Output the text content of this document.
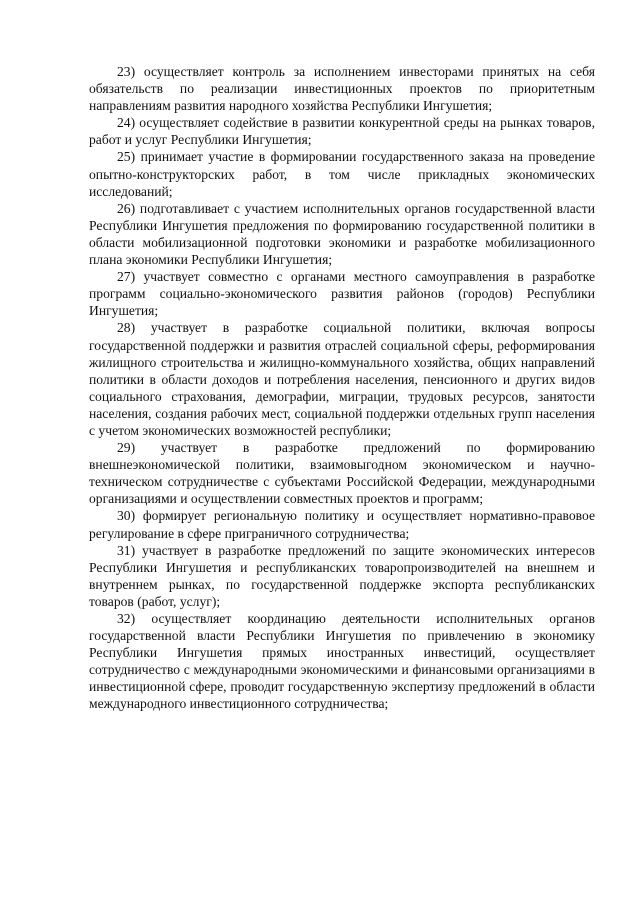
23) осуществляет контроль за исполнением инвесторами принятых на себя обязательств по реализации инвестиционных проектов по приоритетным направлениям развития народного хозяйства Республики Ингушетия;

24) осуществляет содействие в развитии конкурентной среды на рынках товаров, работ и услуг Республики Ингушетия;

25) принимает участие в формировании государственного заказа на проведение опытно-конструкторских работ, в том числе прикладных экономических исследований;

26) подготавливает с участием исполнительных органов государственной власти Республики Ингушетия предложения по формированию государственной политики в области мобилизационной подготовки экономики и разработке мобилизационного плана экономики Республики Ингушетия;

27) участвует совместно с органами местного самоуправления в разработке программ социально-экономического развития районов (городов) Республики Ингушетия;

28) участвует в разработке социальной политики, включая вопросы государственной поддержки и развития отраслей социальной сферы, реформирования жилищного строительства и жилищно-коммунального хозяйства, общих направлений политики в области доходов и потребления населения, пенсионного и других видов социального страхования, демографии, миграции, трудовых ресурсов, занятости населения, создания рабочих мест, социальной поддержки отдельных групп населения с учетом экономических возможностей республики;

29) участвует в разработке предложений по формированию внешнеэкономической политики, взаимовыгодном экономическом и научно-техническом сотрудничестве с субъектами Российской Федерации, международными организациями и осуществлении совместных проектов и программ;

30) формирует региональную политику и осуществляет нормативно-правовое регулирование в сфере приграничного сотрудничества;

31) участвует в разработке предложений по защите экономических интересов Республики Ингушетия и республиканских товаропроизводителей на внешнем и внутреннем рынках, по государственной поддержке экспорта республиканских товаров (работ, услуг);

32) осуществляет координацию деятельности исполнительных органов государственной власти Республики Ингушетия по привлечению в экономику Республики Ингушетия прямых иностранных инвестиций, осуществляет сотрудничество с международными экономическими и финансовыми организациями в инвестиционной сфере, проводит государственную экспертизу предложений в области международного инвестиционного сотрудничества;
